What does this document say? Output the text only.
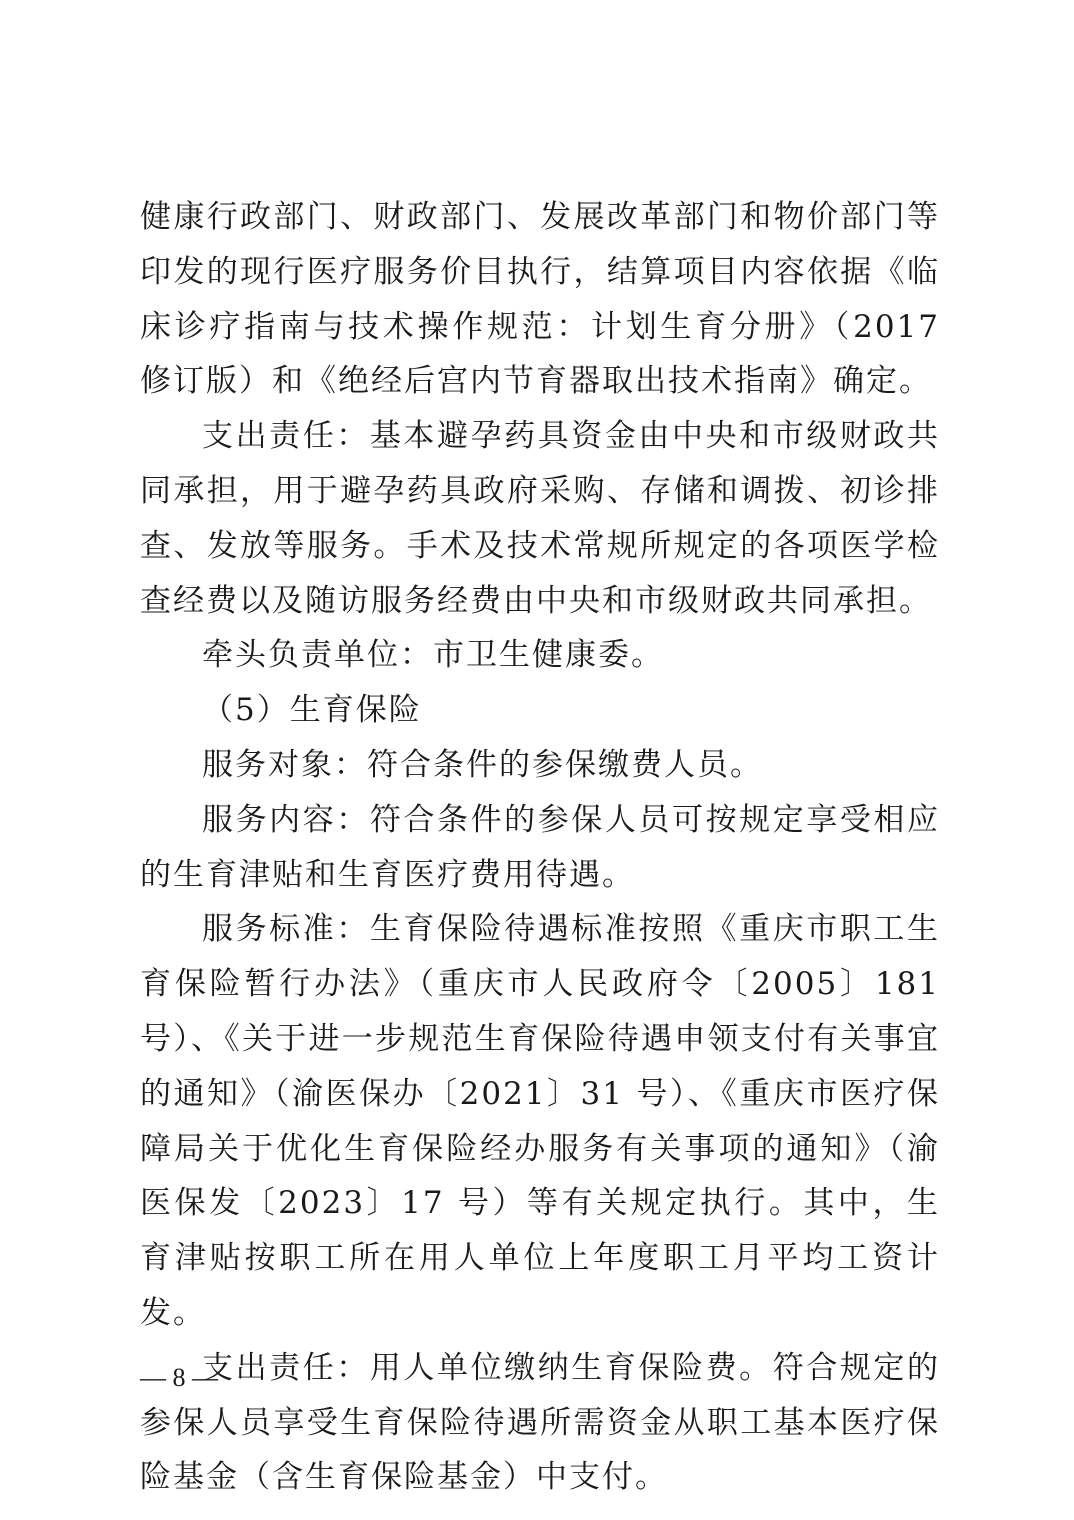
健康行政部门、财政部门、发展改革部门和物价部门等印发的现行医疗服务价目执行，结算项目内容依据《临床诊疗指南与技术操作规范：计划生育分册》（2017 修订版）和《绝经后宫内节育器取出技术指南》确定。

支出责任：基本避孕药具资金由中央和市级财政共同承担，用于避孕药具政府采购、存储和调拨、初诊排查、发放等服务。手术及技术常规所规定的各项医学检查经费以及随访服务经费由中央和市级财政共同承担。

牵头负责单位：市卫生健康委。

（5）生育保险

服务对象：符合条件的参保缴费人员。

服务内容：符合条件的参保人员可按规定享受相应的生育津贴和生育医疗费用待遇。

服务标准：生育保险待遇标准按照《重庆市职工生育保险暂行办法》（重庆市人民政府令〔2005〕181 号）、《关于进一步规范生育保险待遇申领支付有关事宜的通知》（渝医保办〔2021〕31 号）、《重庆市医疗保障局关于优化生育保险经办服务有关事项的通知》（渝医保发〔2023〕17 号）等有关规定执行。其中，生育津贴按职工所在用人单位上年度职工月平均工资计发。

支出责任：用人单位缴纳生育保险费。符合规定的参保人员享受生育保险待遇所需资金从职工基本医疗保险基金（含生育保险基金）中支付。

— 8 —
